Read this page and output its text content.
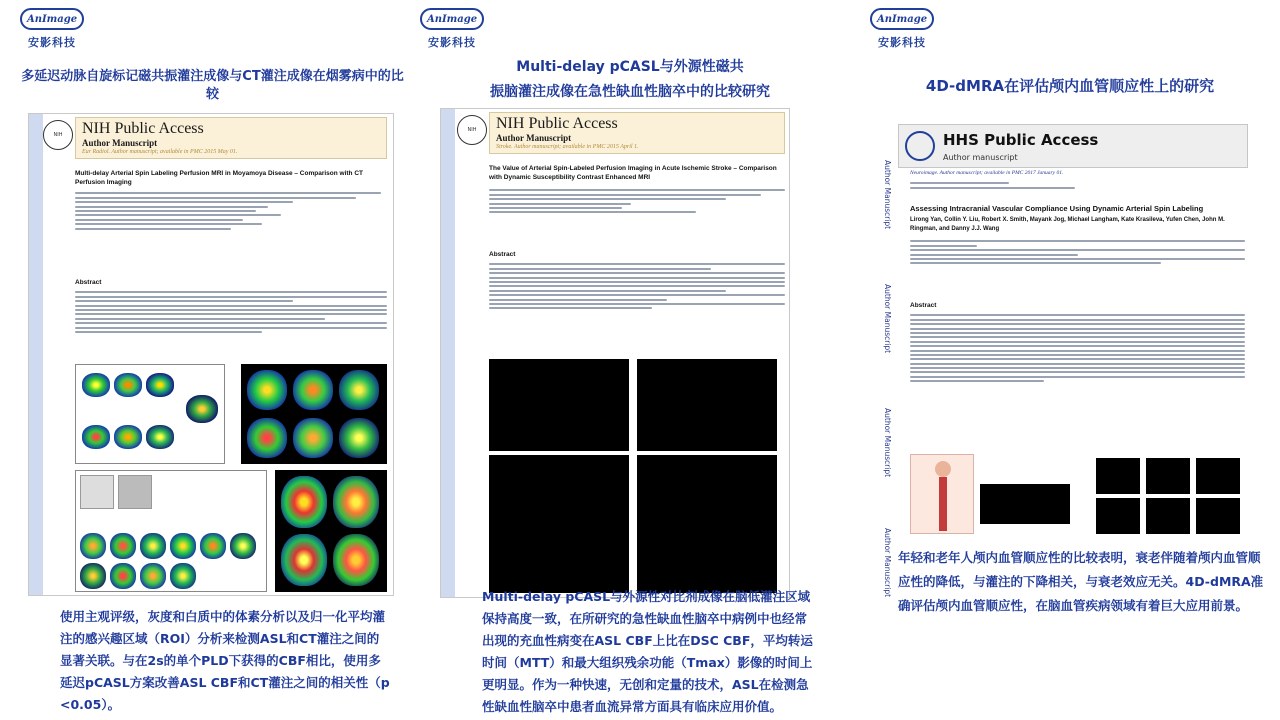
AnImage
安影科技
多延迟动脉自旋标记磁共振灌注成像与CT灌注成像在烟雾病中的比较
NIH Public Access
Author Manuscript
Eur Radiol. Author manuscript; available in PMC 2015 May 01.
NIH
Multi-delay Arterial Spin Labeling Perfusion MRI in Moyamoya Disease – Comparison with CT Perfusion Imaging
Abstract
使用主观评级，灰度和白质中的体素分析以及归一化平均灌注的感兴趣区域（ROI）分析来检测ASL和CT灌注之间的显著关联。与在2s的单个PLD下获得的CBF相比，使用多延迟pCASL方案改善ASL CBF和CT灌注之间的相关性（p <0.05）。
AnImage
安影科技
Multi-delay pCASL与外源性磁共
振脑灌注成像在急性缺血性脑卒中的比较研究
NIH Public Access
Author Manuscript
Stroke. Author manuscript; available in PMC 2015 April 1.
NIH
The Value of Arterial Spin-Labeled Perfusion Imaging in Acute Ischemic Stroke – Comparison with Dynamic Susceptibility Contrast Enhanced MRI
Abstract
Multi-delay pCASL与外源性对比剂成像在脑低灌注区域保持高度一致，在所研究的急性缺血性脑卒中病例中也经常出现的充血性病变在ASL CBF上比在DSC CBF，平均转运时间（MTT）和最大组织残余功能（Tmax）影像的时间上更明显。作为一种快速，无创和定量的技术，ASL在检测急性缺血性脑卒中患者血流异常方面具有临床应用价值。
AnImage
安影科技
4D-dMRA在评估颅内血管顺应性上的研究
Author Manuscript
Author Manuscript
Author Manuscript
Author Manuscript
HHS Public Access
Author manuscript
Neuroimage. Author manuscript; available in PMC 2017 January 01.
Assessing Intracranial Vascular Compliance Using Dynamic Arterial Spin Labeling
Lirong Yan, Collin Y. Liu, Robert X. Smith, Mayank Jog, Michael Langham, Kate Krasileva, Yufen Chen, John M. Ringman, and Danny J.J. Wang
Abstract
年轻和老年人颅内血管顺应性的比较表明，衰老伴随着颅内血管顺应性的降低，与灌注的下降相关，与衰老效应无关。4D-dMRA准确评估颅内血管顺应性，在脑血管疾病领域有着巨大应用前景。
